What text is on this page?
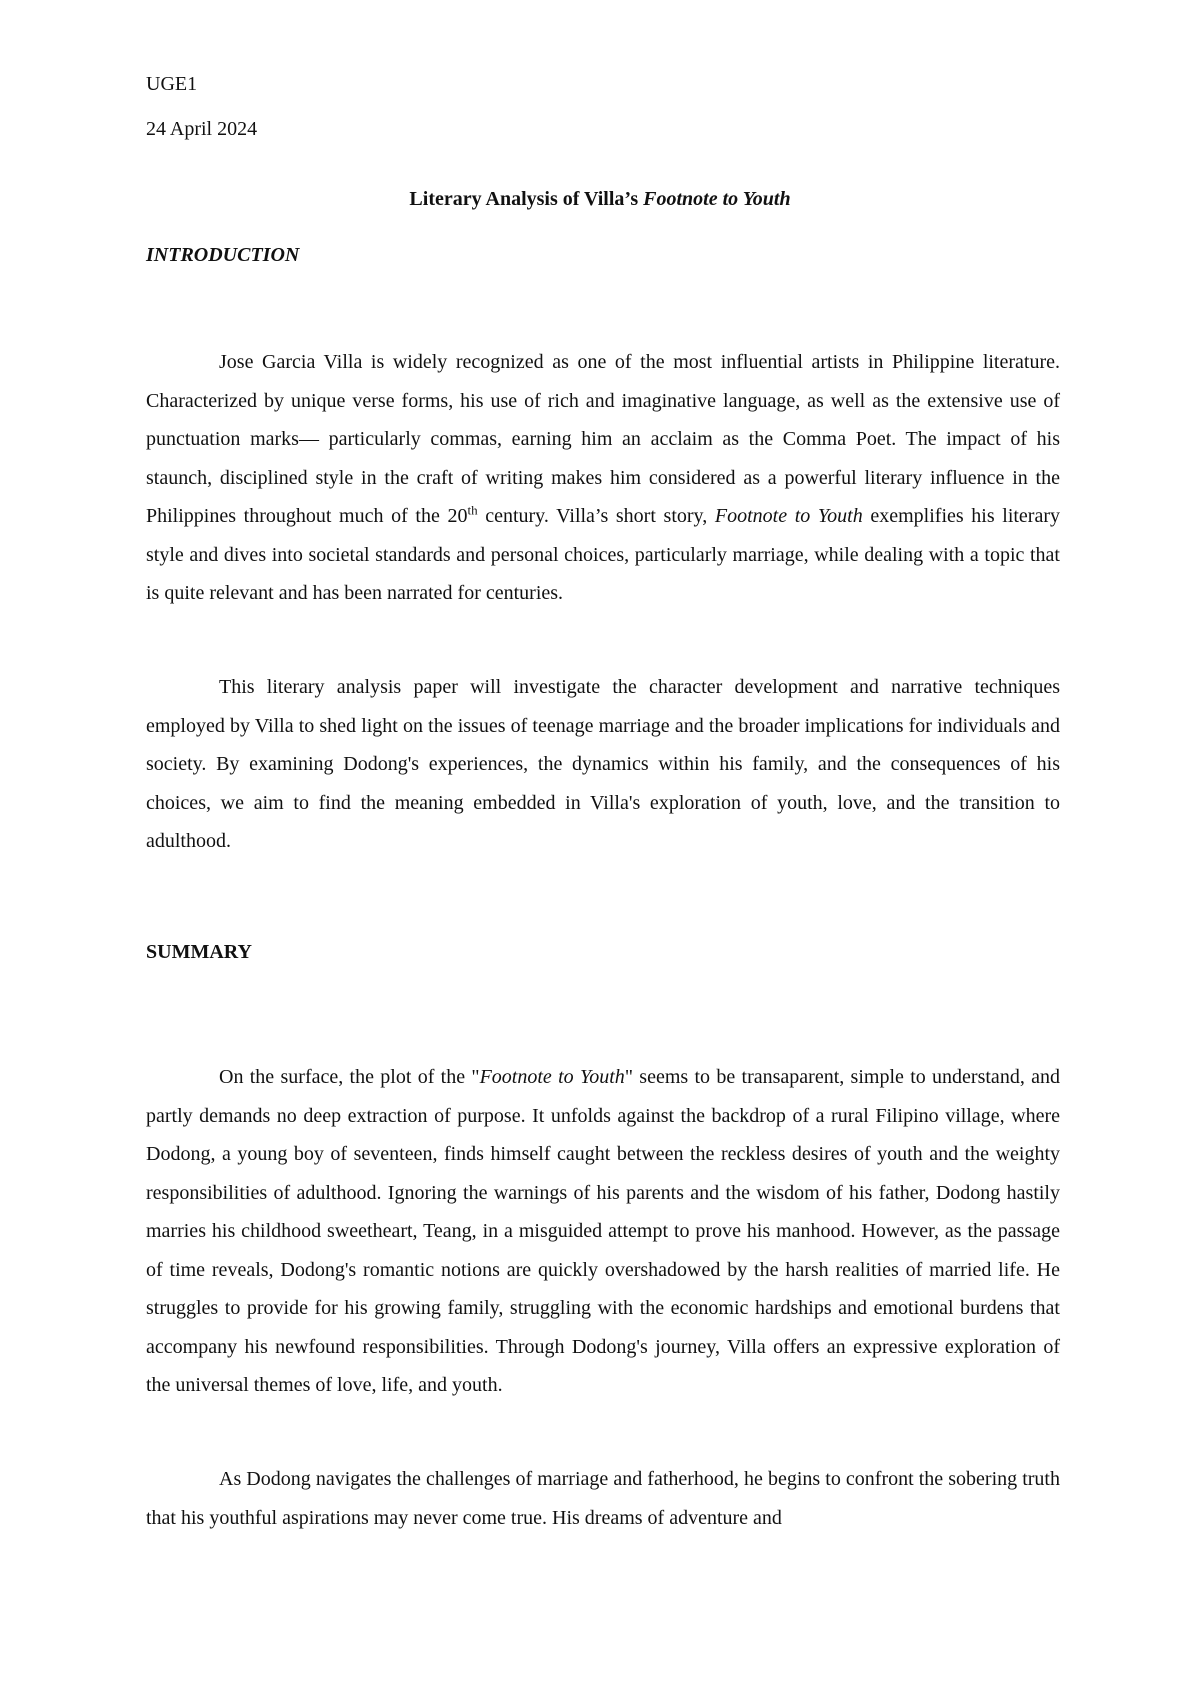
UGE1
24 April 2024
Literary Analysis of Villa’s Footnote to Youth
INTRODUCTION

Jose Garcia Villa is widely recognized as one of the most influential artists in Philippine literature. Characterized by unique verse forms, his use of rich and imaginative language, as well as the extensive use of punctuation marks— particularly commas, earning him an acclaim as the Comma Poet. The impact of his staunch, disciplined style in the craft of writing makes him considered as a powerful literary influence in the Philippines throughout much of the 20th century. Villa’s short story, Footnote to Youth exemplifies his literary style and dives into societal standards and personal choices, particularly marriage, while dealing with a topic that is quite relevant and has been narrated for centuries.

This literary analysis paper will investigate the character development and narrative techniques employed by Villa to shed light on the issues of teenage marriage and the broader implications for individuals and society. By examining Dodong's experiences, the dynamics within his family, and the consequences of his choices, we aim to find the meaning embedded in Villa's exploration of youth, love, and the transition to adulthood.

SUMMARY

On the surface, the plot of the "Footnote to Youth" seems to be transaparent, simple to understand, and partly demands no deep extraction of purpose. It unfolds against the backdrop of a rural Filipino village, where Dodong, a young boy of seventeen, finds himself caught between the reckless desires of youth and the weighty responsibilities of adulthood. Ignoring the warnings of his parents and the wisdom of his father, Dodong hastily marries his childhood sweetheart, Teang, in a misguided attempt to prove his manhood. However, as the passage of time reveals, Dodong's romantic notions are quickly overshadowed by the harsh realities of married life. He struggles to provide for his growing family, struggling with the economic hardships and emotional burdens that accompany his newfound responsibilities. Through Dodong's journey, Villa offers an expressive exploration of the universal themes of love, life, and youth.

As Dodong navigates the challenges of marriage and fatherhood, he begins to confront the sobering truth that his youthful aspirations may never come true. His dreams of adventure and
